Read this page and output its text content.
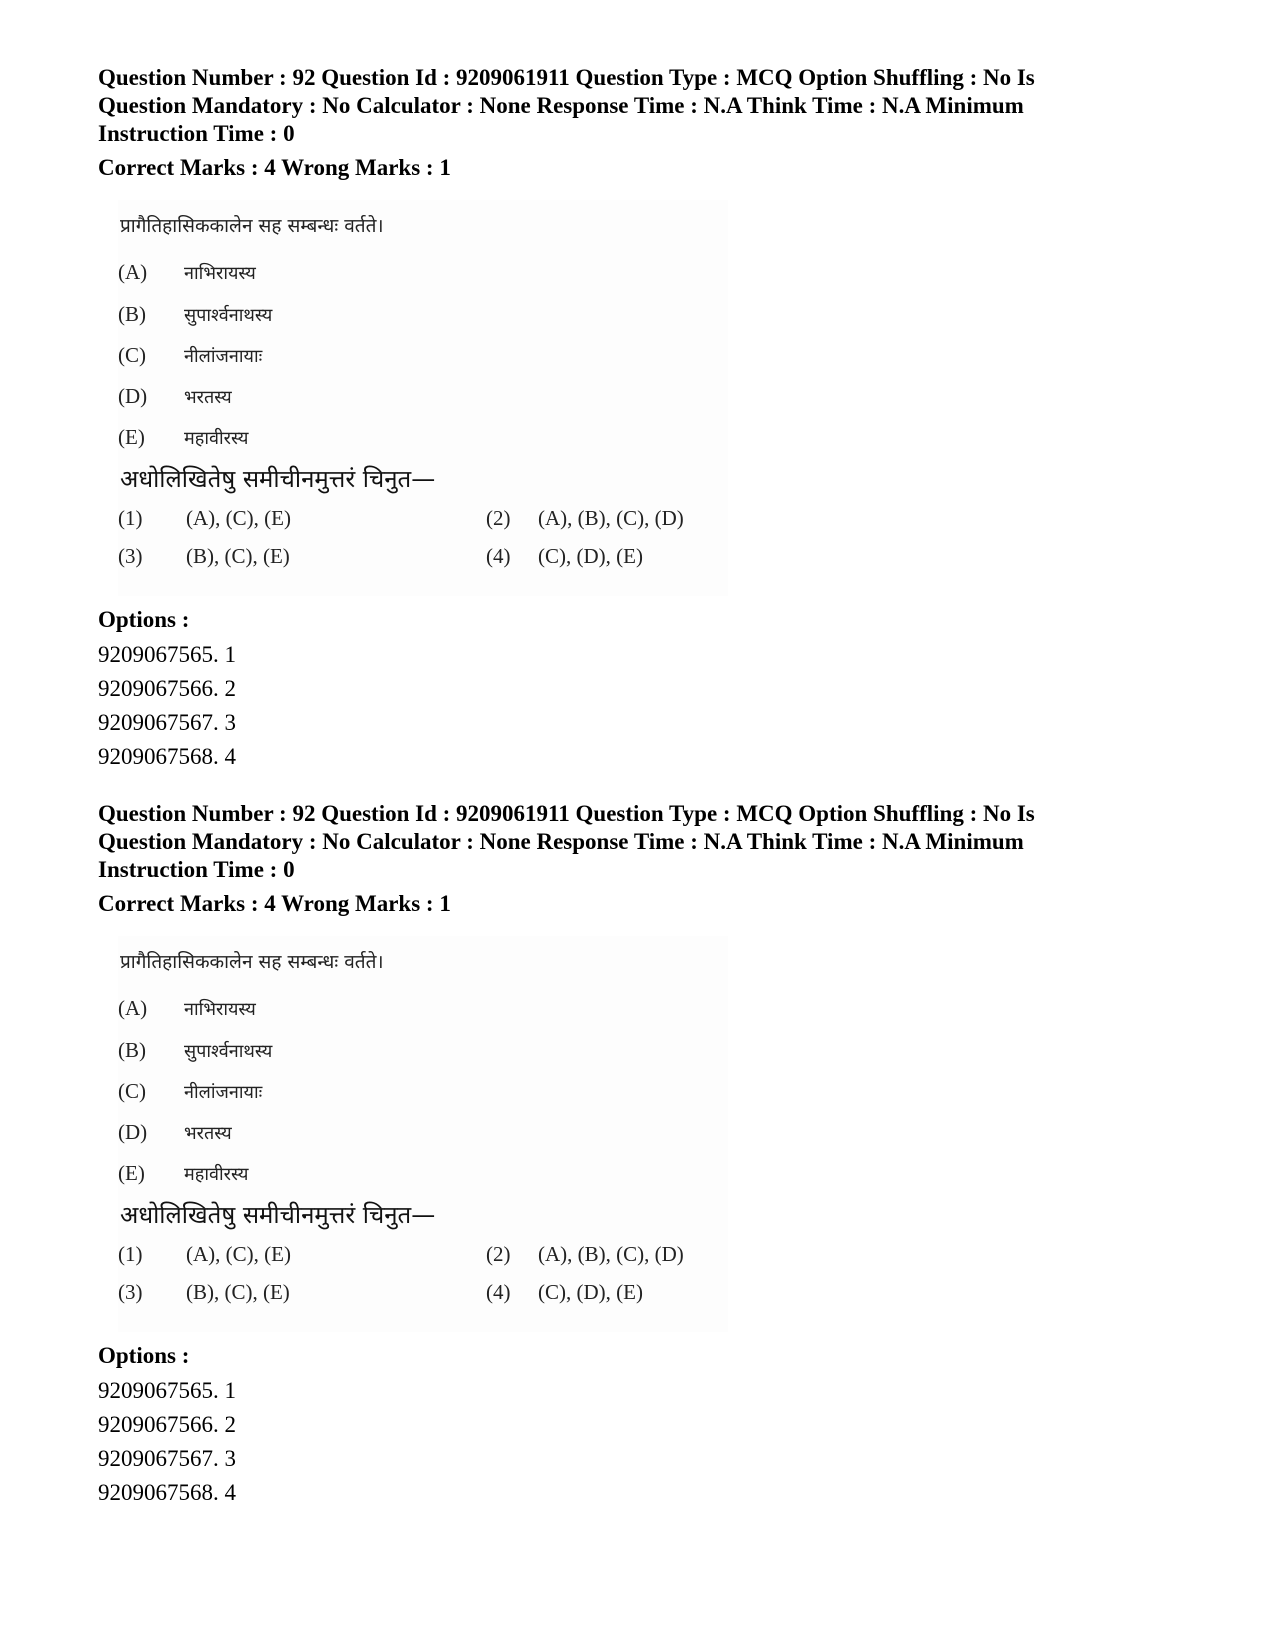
Question Number : 92 Question Id : 9209061911 Question Type : MCQ Option Shuffling : No Is

Question Mandatory : No Calculator : None Response Time : N.A Think Time : N.A Minimum

Instruction Time : 0

Correct Marks : 4 Wrong Marks : 1

प्रागैतिहासिककालेन सह सम्बन्धः वर्तते।
(A) नाभिरायस्य
(B) सुपार्श्वनाथस्य
(C) नीलांजनायाः
(D) भरतस्य
(E) महावीरस्य
अधोलिखितेषु समीचीनमुत्तरं चिनुत—
(1) (A), (C), (E)	(2) (A), (B), (C), (D)
(3) (B), (C), (E)	(4) (C), (D), (E)

Options :

9209067565. 1

9209067566. 2

9209067567. 3

9209067568. 4

Question Number : 92 Question Id : 9209061911 Question Type : MCQ Option Shuffling : No Is

Question Mandatory : No Calculator : None Response Time : N.A Think Time : N.A Minimum

Instruction Time : 0

Correct Marks : 4 Wrong Marks : 1

प्रागैतिहासिककालेन सह सम्बन्धः वर्तते।
(A) नाभिरायस्य
(B) सुपार्श्वनाथस्य
(C) नीलांजनायाः
(D) भरतस्य
(E) महावीरस्य
अधोलिखितेषु समीचीनमुत्तरं चिनुत—
(1) (A), (C), (E)	(2) (A), (B), (C), (D)
(3) (B), (C), (E)	(4) (C), (D), (E)

Options :

9209067565. 1

9209067566. 2

9209067567. 3

9209067568. 4
